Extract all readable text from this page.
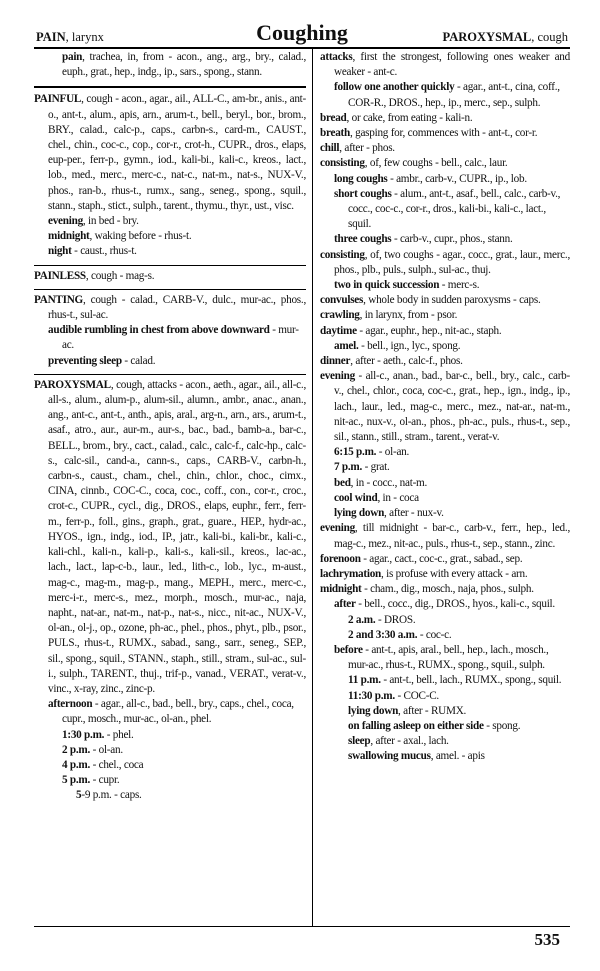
PAIN, larynx	Coughing	PAROXYSMAL, cough

pain, trachea, in, from - acon., ang., arg., bry., calad., euph., grat., hep., indg., ip., sars., spong., stann.

PAINFUL, cough - acon., agar., ail., ALL-C., am-br., anis., ant-o., ant-t., alum., apis, arn., arum-t., bell., beryl., bor., brom., BRY., calad., calc-p., caps., carbn-s., card-m., CAUST., chel., chin., coc-c., cop., cor-r., crot-h., CUPR., dros., elaps, eup-per., ferr-p., gymn., iod., kali-bi., kali-c., kreos., lact., lob., med., merc., merc-c., nat-c., nat-m., nat-s., NUX-V., phos., ran-b., rhus-t., rumx., sang., seneg., spong., squil., stann., staph., stict., sulph., tarent., thymu., thyr., ust., visc.

evening, in bed - bry.

midnight, waking before - rhus-t.

night - caust., rhus-t.

PAINLESS, cough - mag-s.

PANTING, cough - calad., CARB-V., dulc., mur-ac., phos., rhus-t., sul-ac.

audible rumbling in chest from above downward - mur-ac.

preventing sleep - calad.

PAROXYSMAL, cough, attacks - acon., aeth., agar., ail., all-c., all-s., alum., alum-p., alum-sil., alumn., ambr., anac., anan., ang., ant-c., ant-t., anth., apis, aral., arg-n., arn., ars., arum-t., asaf., atro., aur., aur-m., aur-s., bac., bad., bamb-a., bar-c., BELL., brom., bry., cact., calad., calc., calc-f., calc-hp., calc-s., calc-sil., cand-a., cann-s., caps., CARB-V., carbn-h., carbn-s., caust., cham., chel., chin., chlor., choc., cimx., CINA, cinnb., COC-C., coca, coc., coff., con., cor-r., croc., crot-c., CUPR., cycl., dig., DROS., elaps, euphr., ferr., ferr-m., ferr-p., foll., gins., graph., grat., guare., HEP., hydr-ac., HYOS., ign., indg., iod., IP., jatr., kali-bi., kali-br., kali-c., kali-chl., kali-n., kali-p., kali-s., kali-sil., kreos., lac-ac., lach., lact., lap-c-b., laur., led., lith-c., lob., lyc., m-aust., mag-c., mag-m., mag-p., mang., MEPH., merc., merc-c., merc-i-r., merc-s., mez., morph., mosch., mur-ac., naja, napht., nat-ar., nat-m., nat-p., nat-s., nicc., nit-ac., NUX-V., ol-an., ol-j., op., ozone, ph-ac., phel., phos., phyt., plb., psor., PULS., rhus-t., RUMX., sabad., sang., sarr., seneg., SEP., sil., spong., squil., STANN., staph., still., stram., sul-ac., sul-i., sulph., TARENT., thuj., trif-p., vanad., VERAT., verat-v., vinc., x-ray, zinc., zinc-p.

afternoon - agar., all-c., bad., bell., bry., caps., chel., coca, cupr., mosch., mur-ac., ol-an., phel.

1:30 p.m. - phel.

2 p.m. - ol-an.

4 p.m. - chel., coca

5 p.m. - cupr.

5-9 p.m. - caps.

attacks, first the strongest, following ones weaker and weaker - ant-c.

follow one another quickly - agar., ant-t., cina, coff., COR-R., DROS., hep., ip., merc., sep., sulph.

bread, or cake, from eating - kali-n.

breath, gasping for, commences with - ant-t., cor-r.

chill, after - phos.

consisting, of, few coughs - bell., calc., laur.

long coughs - ambr., carb-v., CUPR., ip., lob.

short coughs - alum., ant-t., asaf., bell., calc., carb-v., cocc., coc-c., cor-r., dros., kali-bi., kali-c., lact., squil.

three coughs - carb-v., cupr., phos., stann.

consisting, of, two coughs - agar., cocc., grat., laur., merc., phos., plb., puls., sulph., sul-ac., thuj.

two in quick succession - merc-s.

convulses, whole body in sudden paroxysms - caps.

crawling, in larynx, from - psor.

daytime - agar., euphr., hep., nit-ac., staph.

amel. - bell., ign., lyc., spong.

dinner, after - aeth., calc-f., phos.

evening - all-c., anan., bad., bar-c., bell., bry., calc., carb-v., chel., chlor., coca, coc-c., grat., hep., ign., indg., ip., lach., laur., led., mag-c., merc., mez., nat-ar., nat-m., nit-ac., nux-v., ol-an., phos., ph-ac., puls., rhus-t., sep., sil., stann., still., stram., tarent., verat-v.

6:15 p.m. - ol-an.

7 p.m. - grat.

bed, in - cocc., nat-m.

cool wind, in - coca

lying down, after - nux-v.

evening, till midnight - bar-c., carb-v., ferr., hep., led., mag-c., mez., nit-ac., puls., rhus-t., sep., stann., zinc.

forenoon - agar., cact., coc-c., grat., sabad., sep.

lachrymation, is profuse with every attack - arn.

midnight - cham., dig., mosch., naja, phos., sulph.

after - bell., cocc., dig., DROS., hyos., kali-c., squil.

2 a.m. - DROS.

2 and 3:30 a.m. - coc-c.

before - ant-t., apis, aral., bell., hep., lach., mosch., mur-ac., rhus-t., RUMX., spong., squil., sulph.

11 p.m. - ant-t., bell., lach., RUMX., spong., squil.

11:30 p.m. - COC-C.

lying down, after - RUMX.

on falling asleep on either side - spong.

sleep, after - axal., lach.

swallowing mucus, amel. - apis

535
